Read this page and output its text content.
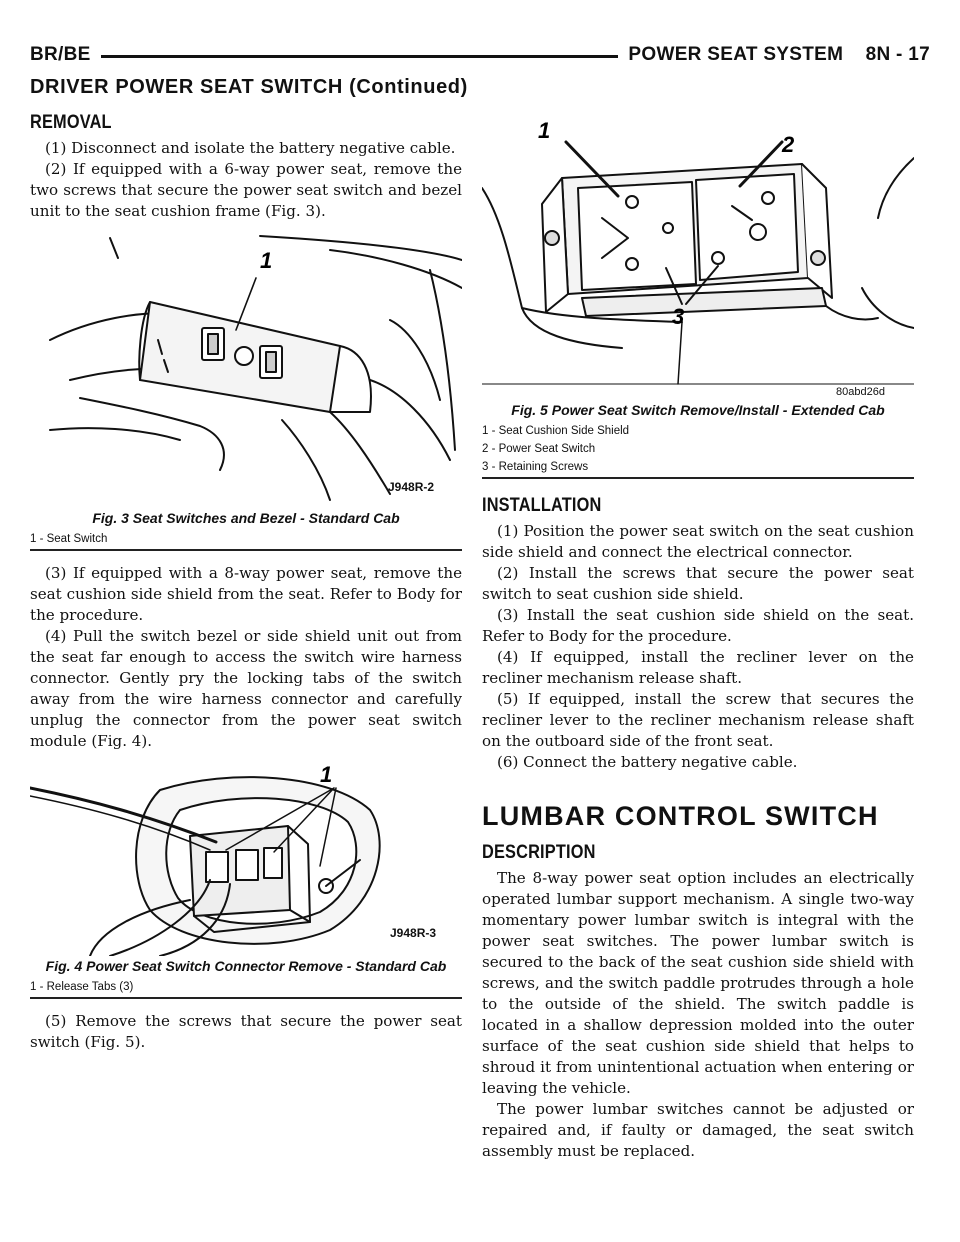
BR/BE	POWER SEAT SYSTEM 8N - 17
DRIVER POWER SEAT SWITCH (Continued)
REMOVAL

(1) Disconnect and isolate the battery negative cable.

(2) If equipped with a 6-way power seat, remove the two screws that secure the power seat switch and bezel unit to the seat cushion frame (Fig. 3).

1
J948R-2
Fig. 3 Seat Switches and Bezel - Standard Cab
1 - Seat Switch

(3) If equipped with a 8-way power seat, remove the seat cushion side shield from the seat. Refer to Body for the procedure.

(4) Pull the switch bezel or side shield unit out from the seat far enough to access the switch wire harness connector. Gently pry the locking tabs of the switch away from the wire harness connector and carefully unplug the connector from the power seat switch module (Fig. 4).

1
J948R-3
Fig. 4 Power Seat Switch Connector Remove - Standard Cab
1 - Release Tabs (3)

(5) Remove the screws that secure the power seat switch (Fig. 5).

1
2
3
80abd26d
Fig. 5 Power Seat Switch Remove/Install - Extended Cab
1 - Seat Cushion Side Shield
2 - Power Seat Switch
3 - Retaining Screws
INSTALLATION

(1) Position the power seat switch on the seat cushion side shield and connect the electrical connector.

(2) Install the screws that secure the power seat switch to seat cushion side shield.

(3) Install the seat cushion side shield on the seat. Refer to Body for the procedure.

(4) If equipped, install the recliner lever on the recliner mechanism release shaft.

(5) If equipped, install the screw that secures the recliner lever to the recliner mechanism release shaft on the outboard side of the front seat.

(6) Connect the battery negative cable.

LUMBAR CONTROL SWITCH
DESCRIPTION

The 8-way power seat option includes an electrically operated lumbar support mechanism. A single two-way momentary power lumbar switch is integral with the power seat switches. The power lumbar switch is secured to the back of the seat cushion side shield with screws, and the switch paddle protrudes through a hole to the outside of the shield. The switch paddle is located in a shallow depression molded into the outer surface of the seat cushion side shield that helps to shroud it from unintentional actuation when entering or leaving the vehicle.

The power lumbar switches cannot be adjusted or repaired and, if faulty or damaged, the seat switch assembly must be replaced.
